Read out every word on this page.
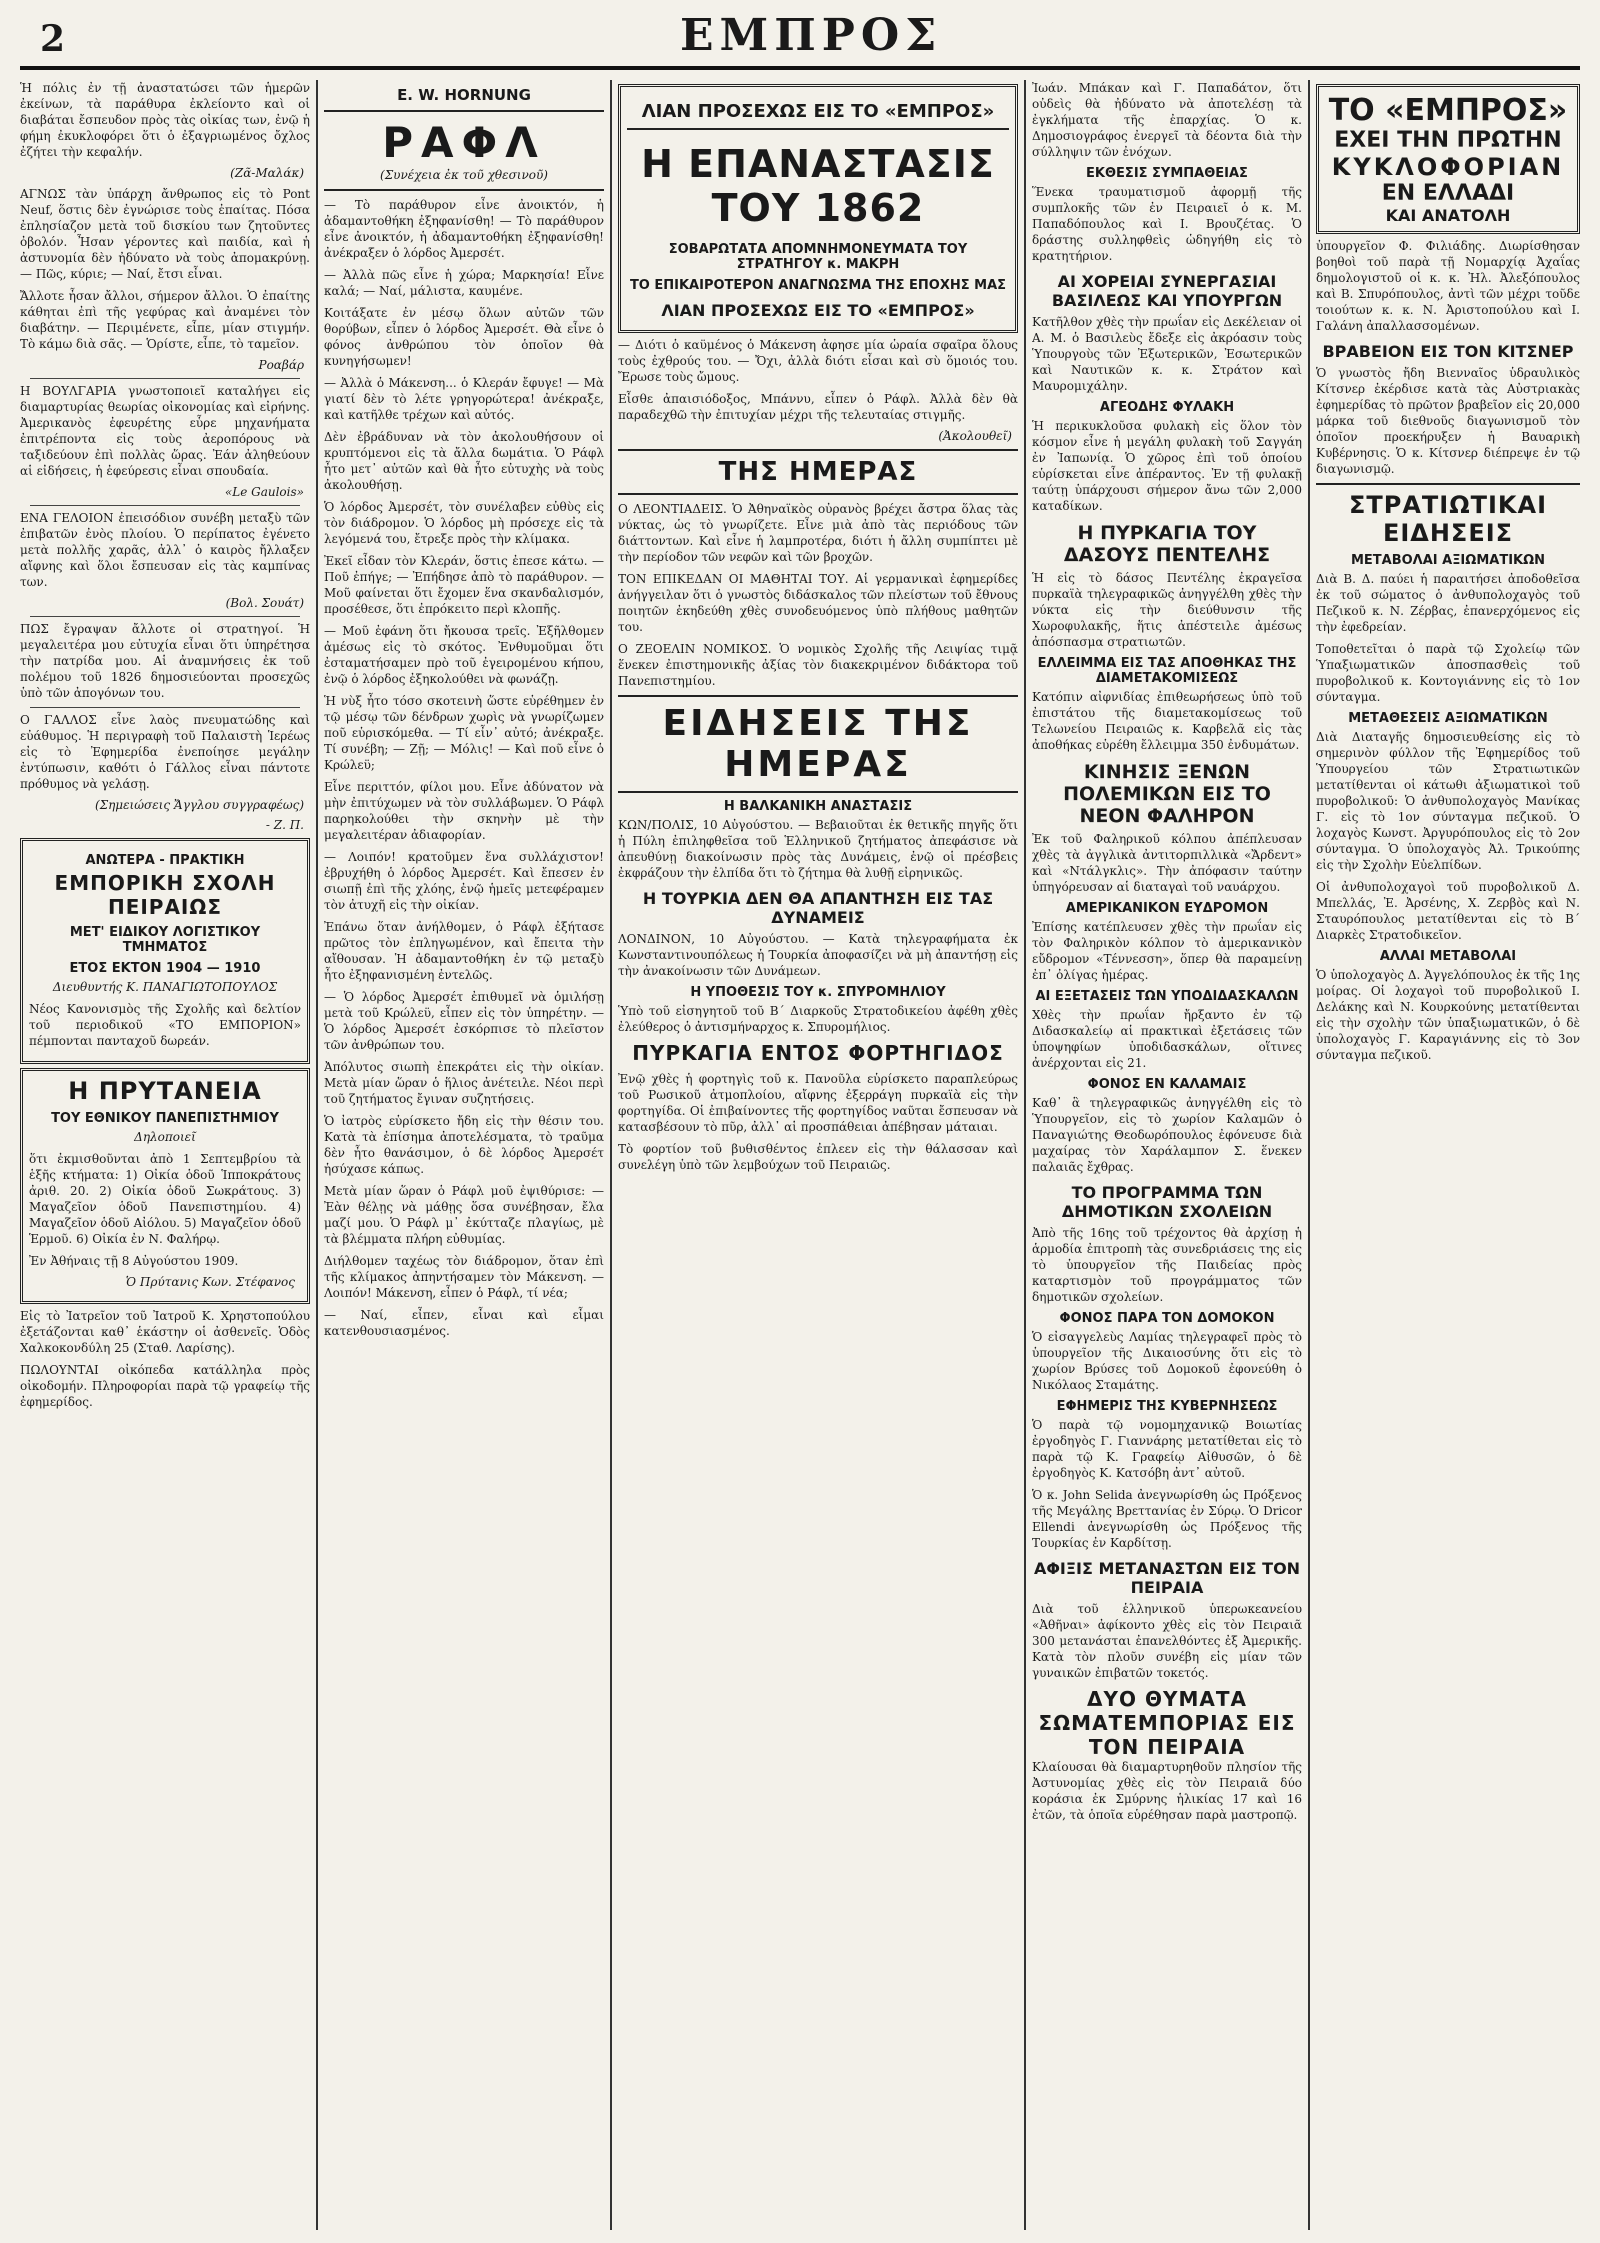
2	ΕΜΠΡΟΣ

Ἡ πόλις ἐν τῇ ἀναστατώσει τῶν ἡμερῶν ἐκείνων, τὰ παράθυρα ἐκλείοντο καὶ οἱ διαβάται ἔσπευδον πρὸς τὰς οἰκίας των, ἐνῷ ἡ φήμη ἐκυκλοφόρει ὅτι ὁ ἐξαγριωμένος ὄχλος ἐζήτει τὴν κεφαλήν.

(Ζᾶ-Μαλάκ)

ΑΓΝΩΣ τὰν ὑπάρχη ἄνθρωπος εἰς τὸ Pont Neuf, ὅστις δὲν ἐγνώρισε τοὺς ἐπαίτας. Πόσα ἐπλησίαζον μετὰ τοῦ δισκίου των ζητοῦντες ὀβολόν. Ἦσαν γέροντες καὶ παιδία, καὶ ἡ ἀστυνομία δὲν ἠδύνατο νὰ τοὺς ἀπομακρύνῃ. — Πῶς, κύριε; — Ναί, ἔτσι εἶναι.

Ἄλλοτε ἦσαν ἄλλοι, σήμερον ἄλλοι. Ὁ ἐπαίτης κάθηται ἐπὶ τῆς γεφύρας καὶ ἀναμένει τὸν διαβάτην. — Περιμένετε, εἶπε, μίαν στιγμήν. Τὸ κάμω διὰ σᾶς. — Ὁρίστε, εἶπε, τὸ ταμεῖον.

Ροαβάρ

Η ΒΟΥΛΓΑΡΙΑ γνωστοποιεῖ καταλήγει εἰς διαμαρτυρίας θεωρίας οἰκονομίας καὶ εἰρήνης. Ἀμερικανὸς ἐφευρέτης εὗρε μηχανήματα ἐπιτρέποντα εἰς τοὺς ἀεροπόρους νὰ ταξιδεύουν ἐπὶ πολλὰς ὥρας. Ἐάν ἀληθεύουν αἱ εἰδήσεις, ἡ ἐφεύρεσις εἶναι σπουδαία.

«Le Gaulois»

ΕΝΑ ΓΕΛΟΙΟΝ ἐπεισόδιον συνέβη μεταξὺ τῶν ἐπιβατῶν ἐνὸς πλοίου. Ὁ περίπατος ἐγένετο μετὰ πολλῆς χαρᾶς, ἀλλ᾽ ὁ καιρὸς ἤλλαξεν αἴφνης καὶ ὅλοι ἔσπευσαν εἰς τὰς καμπίνας των.

(Βολ. Σουάτ)

ΠΩΣ ἔγραψαν ἄλλοτε οἱ στρατηγοί. Ἡ μεγαλειτέρα μου εὐτυχία εἶναι ὅτι ὑπηρέτησα τὴν πατρίδα μου. Αἱ ἀναμνήσεις ἐκ τοῦ πολέμου τοῦ 1826 δημοσιεύονται προσεχῶς ὑπὸ τῶν ἀπογόνων του.

Ο ΓΑΛΛΟΣ εἶνε λαὸς πνευματώδης καὶ εὐάθυμος. Ἡ περιγραφὴ τοῦ Παλαιστὴ Ἱερέως εἰς τὸ Ἐφημερίδα ἐνεποίησε μεγάλην ἐντύπωσιν, καθότι ὁ Γάλλος εἶναι πάντοτε πρόθυμος νὰ γελάσῃ.

(Σημειώσεις Ἄγγλου συγγραφέως)
- Ζ. Π.
ΑΝΩΤΕΡΑ - ΠΡΑΚΤΙΚΗ
ΕΜΠΟΡΙΚΗ ΣΧΟΛΗ ΠΕΙΡΑΙΩΣ
ΜΕΤ' ΕΙΔΙΚΟΥ ΛΟΓΙΣΤΙΚΟΥ ΤΜΗΜΑΤΟΣ
ΕΤΟΣ ΕΚΤΟΝ 1904 — 1910
Διευθυντής Κ. ΠΑΝΑΓΙΩΤΟΠΟΥΛΟΣ

Νέος Κανονισμὸς τῆς Σχολῆς καὶ δελτίον τοῦ περιοδικοῦ «ΤΟ ΕΜΠΟΡΙΟΝ» πέμπονται πανταχοῦ δωρεάν.

Η ΠΡΥΤΑΝΕΙΑ
ΤΟΥ ΕΘΝΙΚΟΥ ΠΑΝΕΠΙΣΤΗΜΙΟΥ
Δηλοποιεῖ

ὅτι ἐκμισθοῦνται ἀπὸ 1 Σεπτεμβρίου τὰ ἑξῆς κτήματα: 1) Οἰκία ὁδοῦ Ἱπποκράτους ἀριθ. 20. 2) Οἰκία ὁδοῦ Σωκράτους. 3) Μαγαζεῖον ὁδοῦ Πανεπιστημίου. 4) Μαγαζεῖον ὁδοῦ Αἰόλου. 5) Μαγαζεῖον ὁδοῦ Ἑρμοῦ. 6) Οἰκία ἐν Ν. Φαλήρῳ.

Ἐν Ἀθήναις τῇ 8 Αὐγούστου 1909.

Ὁ Πρύτανις Κων. Στέφανος

Εἰς τὸ Ἰατρεῖον τοῦ Ἰατροῦ Κ. Χρηστοπούλου ἐξετάζονται καθ᾽ ἑκάστην οἱ ἀσθενεῖς. Ὁδὸς Χαλκοκονδύλη 25 (Σταθ. Λαρίσης).

ΠΩΛΟΥΝΤΑΙ οἰκόπεδα κατάλληλα πρὸς οἰκοδομήν. Πληροφορίαι παρὰ τῷ γραφείῳ τῆς ἐφημερίδος.

E. W. HORNUNG
ΡΑΦΛ
(Συνέχεια ἐκ τοῦ χθεσινοῦ)

— Τὸ παράθυρον εἶνε ἀνοικτόν, ἡ ἀδαμαντοθήκη ἐξηφανίσθη! — Τὸ παράθυρον εἶνε ἀνοικτόν, ἡ ἀδαμαντοθήκη ἐξηφανίσθη! ἀνέκραξεν ὁ λόρδος Ἀμερσέτ.

— Ἀλλὰ πῶς εἶνε ἡ χώρα; Μαρκησία! Εἶνε καλά; — Ναί, μάλιστα, καυμένε.

Κοιτάξατε ἐν μέσῳ ὅλων αὐτῶν τῶν θορύβων, εἶπεν ὁ λόρδος Ἀμερσέτ. Θὰ εἶνε ὁ φόνος ἀνθρώπου τὸν ὁποῖον θὰ κυνηγήσωμεν!

— Ἀλλὰ ὁ Μάκενση... ὁ Κλεράν ἔφυγε! — Μὰ γιατί δὲν τὸ λέτε γρηγορώτερα! ἀνέκραξε, καὶ κατῆλθε τρέχων καὶ αὐτός.

Δὲν ἐβράδυναν νὰ τὸν ἀκολουθήσουν οἱ κρυπτόμενοι εἰς τὰ ἄλλα δωμάτια. Ὁ Ράφλ ἦτο μετ᾽ αὐτῶν καὶ θὰ ἦτο εὐτυχὴς νὰ τοὺς ἀκολουθήσῃ.

Ὁ λόρδος Ἀμερσέτ, τὸν συνέλαβεν εὐθὺς εἰς τὸν διάδρομον. Ὁ λόρδος μὴ πρόσεχε εἰς τὰ λεγόμενά του, ἔτρεξε πρὸς τὴν κλίμακα.

Ἐκεῖ εἶδαν τὸν Κλεράν, ὅστις ἐπεσε κάτω. — Ποῦ ἐπήγε; — Ἐπήδησε ἀπὸ τὸ παράθυρον. — Μοῦ φαίνεται ὅτι ἔχομεν ἕνα σκανδαλισμόν, προσέθεσε, ὅτι ἐπρόκειτο περὶ κλοπῆς.

— Μοῦ ἐφάνη ὅτι ἤκουσα τρεῖς. Ἐξῆλθομεν ἀμέσως εἰς τὸ σκότος. Ἐνθυμοῦμαι ὅτι ἐσταματήσαμεν πρὸ τοῦ ἐγειρομένου κήπου, ἐνῷ ὁ λόρδος ἐξηκολούθει νὰ φωνάζῃ.

Ἡ νὺξ ἦτο τόσο σκοτεινὴ ὥστε εὑρέθημεν ἐν τῷ μέσῳ τῶν δένδρων χωρὶς νὰ γνωρίζωμεν ποῦ εὑρισκόμεθα. — Τί εἶν᾽ αὐτό; ἀνέκραξε. Τί συνέβη; — Ζῇ; — Μόλις! — Καὶ ποῦ εἶνε ὁ Κρώλεϋ;

Εἶνε περιττόν, φίλοι μου. Εἶνε ἀδύνατον νὰ μὴν ἐπιτύχωμεν νὰ τὸν συλλάβωμεν. Ὁ Ράφλ παρηκολούθει τὴν σκηνὴν μὲ τὴν μεγαλειτέραν ἀδιαφορίαν.

— Λοιπόν! κρατοῦμεν ἕνα συλλάχιστον! ἐβρυχήθη ὁ λόρδος Ἀμερσέτ. Καὶ ἔπεσεν ἐν σιωπῇ ἐπὶ τῆς χλόης, ἐνῷ ἡμεῖς μετεφέραμεν τὸν ἀτυχῆ εἰς τὴν οἰκίαν.

Ἐπάνω ὅταν ἀνήλθομεν, ὁ Ράφλ ἐξήτασε πρῶτος τὸν ἐπληγωμένον, καὶ ἔπειτα τὴν αἴθουσαν. Ἡ ἀδαμαντοθήκη ἐν τῷ μεταξὺ ἦτο ἐξηφανισμένη ἐντελῶς.

— Ὁ λόρδος Ἀμερσέτ ἐπιθυμεῖ νὰ ὁμιλήσῃ μετὰ τοῦ Κρώλεϋ, εἶπεν εἰς τὸν ὑπηρέτην. — Ὁ λόρδος Ἀμερσέτ ἐσκόρπισε τὸ πλεῖστον τῶν ἀνθρώπων του.

Ἀπόλυτος σιωπὴ ἐπεκράτει εἰς τὴν οἰκίαν. Μετὰ μίαν ὥραν ὁ ἥλιος ἀνέτειλε. Νέοι περὶ τοῦ ζητήματος ἔγιναν συζητήσεις.

Ὁ ἰατρὸς εὑρίσκετο ἤδη εἰς τὴν θέσιν του. Κατὰ τὰ ἐπίσημα ἀποτελέσματα, τὸ τραῦμα δὲν ἦτο θανάσιμον, ὁ δὲ λόρδος Ἀμερσέτ ἡσύχασε κάπως.

Μετὰ μίαν ὥραν ὁ Ράφλ μοῦ ἐψιθύρισε: — Ἐὰν θέλῃς νὰ μάθῃς ὅσα συνέβησαν, ἔλα μαζί μου. Ὁ Ράφλ μ᾽ ἐκύτταζε πλαγίως, μὲ τὰ βλέμματα πλήρη εὐθυμίας.

Διήλθομεν ταχέως τὸν διάδρομον, ὅταν ἐπὶ τῆς κλίμακος ἀπηντήσαμεν τὸν Μάκενση. — Λοιπόν! Μάκενση, εἶπεν ὁ Ράφλ, τί νέα;

— Ναί, εἶπεν, εἶναι καὶ εἶμαι κατενθουσιασμένος.

ΛΙΑΝ ΠΡΟΣΕΧΩΣ ΕΙΣ ΤΟ «ΕΜΠΡΟΣ»
Η ΕΠΑΝΑΣΤΑΣΙΣ ΤΟΥ 1862
ΣΟΒΑΡΩΤΑΤΑ ΑΠΟΜΝΗΜΟΝΕΥΜΑΤΑ ΤΟΥ ΣΤΡΑΤΗΓΟΥ κ. ΜΑΚΡΗ
ΤΟ ΕΠΙΚΑΙΡΟΤΕΡΟΝ ΑΝΑΓΝΩΣΜΑ ΤΗΣ ΕΠΟΧΗΣ ΜΑΣ
ΛΙΑΝ ΠΡΟΣΕΧΩΣ ΕΙΣ ΤΟ «ΕΜΠΡΟΣ»

— Διότι ὁ καϋμένος ὁ Μάκενση ἀφησε μία ὡραία σφαῖρα ὅλους τοὺς ἐχθρούς του. — Ὄχι, ἀλλὰ διότι εἶσαι καὶ σὺ ὅμοιός του. Ἔρωσε τοὺς ὤμους.

Εἶσθε ἀπαισιόδοξος, Μπάννυ, εἶπεν ὁ Ράφλ. Ἀλλὰ δὲν θὰ παραδεχθῶ τὴν ἐπιτυχίαν μέχρι τῆς τελευταίας στιγμῆς.

(Ἀκολουθεῖ)
ΤΗΣ ΗΜΕΡΑΣ

Ο ΛΕΟΝΤΙΑΔΕΙΣ. Ὁ Ἀθηναϊκὸς οὐρανὸς βρέχει ἄστρα ὅλας τὰς νύκτας, ὡς τὸ γνωρίζετε. Εἶνε μιὰ ἀπὸ τὰς περιόδους τῶν διάττοντων. Καὶ εἶνε ἡ λαμπροτέρα, διότι ἡ ἄλλη συμπίπτει μὲ τὴν περίοδον τῶν νεφῶν καὶ τῶν βροχῶν.

ΤΟΝ ΕΠΙΚΕΔΑΝ ΟΙ ΜΑΘΗΤΑΙ ΤΟΥ. Αἱ γερμανικαὶ ἐφημερίδες ἀνήγγειλαν ὅτι ὁ γνωστὸς διδάσκαλος τῶν πλείστων τοῦ ἔθνους ποιητῶν ἐκηδεύθη χθὲς συνοδευόμενος ὑπὸ πλήθους μαθητῶν του.

Ο ΖΕΟΕΛΙΝ ΝΟΜΙΚΟΣ. Ὁ νομικὸς Σχολῆς τῆς Λειψίας τιμᾷ ἕνεκεν ἐπιστημονικῆς ἀξίας τὸν διακεκριμένον διδάκτορα τοῦ Πανεπιστημίου.

ΕΙΔΗΣΕΙΣ ΤΗΣ ΗΜΕΡΑΣ
Η ΒΑΛΚΑΝΙΚΗ ΑΝΑΣΤΑΣΙΣ

ΚΩΝ/ΠΟΛΙΣ, 10 Αὐγούστου. — Βεβαιοῦται ἐκ θετικῆς πηγῆς ὅτι ἡ Πύλη ἐπιληφθεῖσα τοῦ Ἑλληνικοῦ ζητήματος ἀπεφάσισε νὰ ἀπευθύνῃ διακοίνωσιν πρὸς τὰς Δυνάμεις, ἐνῷ οἱ πρέσβεις ἐκφράζουν τὴν ἐλπίδα ὅτι τὸ ζήτημα θὰ λυθῇ εἰρηνικῶς.

Η ΤΟΥΡΚΙΑ ΔΕΝ ΘΑ ΑΠΑΝΤΗΣΗ ΕΙΣ ΤΑΣ ΔΥΝΑΜΕΙΣ

ΛΟΝΔΙΝΟΝ, 10 Αὐγούστου. — Κατὰ τηλεγραφήματα ἐκ Κωνσταντινουπόλεως ἡ Τουρκία ἀποφασίζει νὰ μὴ ἀπαντήσῃ εἰς τὴν ἀνακοίνωσιν τῶν Δυνάμεων.

Η ΥΠΟΘΕΣΙΣ ΤΟΥ κ. ΣΠΥΡΟΜΗΛΙΟΥ

Ὑπὸ τοῦ εἰσηγητοῦ τοῦ Β΄ Διαρκοῦς Στρατοδικείου ἀφέθη χθὲς ἐλεύθερος ὁ ἀντισμήναρχος κ. Σπυρομήλιος.

ΠΥΡΚΑΓΙΑ ΕΝΤΟΣ ΦΟΡΤΗΓΙΔΟΣ

Ἐνῷ χθὲς ἡ φορτηγὶς τοῦ κ. Πανοῦλα εὑρίσκετο παραπλεύρως τοῦ Ρωσικοῦ ἀτμοπλοίου, αἴφνης ἐξερράγη πυρκαϊὰ εἰς τὴν φορτηγίδα. Οἱ ἐπιβαίνοντες τῆς φορτηγίδος ναῦται ἔσπευσαν νὰ κατασβέσουν τὸ πῦρ, ἀλλ᾽ αἱ προσπάθειαι ἀπέβησαν μάταιαι.

Τὸ φορτίον τοῦ βυθισθέντος ἐπλεεν εἰς τὴν θάλασσαν καὶ συνελέγη ὑπὸ τῶν λεμβούχων τοῦ Πειραιῶς.

Ἰωάν. Μπάκαν καὶ Γ. Παπαδάτον, ὅτι οὐδεὶς θὰ ἠδύνατο νὰ ἀποτελέσῃ τὰ ἐγκλήματα τῆς ἐπαρχίας. Ὁ κ. Δημοσιογράφος ἐνεργεῖ τὰ δέοντα διὰ τὴν σύλληψιν τῶν ἐνόχων.

ΕΚΘΕΣΙΣ ΣΥΜΠΑΘΕΙΑΣ

Ἕνεκα τραυματισμοῦ ἀφορμῇ τῆς συμπλοκῆς τῶν ἐν Πειραιεῖ ὁ κ. Μ. Παπαδόπουλος καὶ Ι. Βρουζέτας. Ὁ δράστης συλληφθεὶς ὡδηγήθη εἰς τὸ κρατητήριον.

ΑΙ ΧΟΡΕΙΑΙ ΣΥΝΕΡΓΑΣΙΑΙ ΒΑΣΙΛΕΩΣ ΚΑΙ ΥΠΟΥΡΓΩΝ

Κατῆλθον χθὲς τὴν πρωΐαν εἰς Δεκέλειαν οἱ Α. Μ. ὁ Βασιλεὺς ἔδεξε εἰς ἀκρόασιν τοὺς Ὑπουργοὺς τῶν Ἐξωτερικῶν, Ἐσωτερικῶν καὶ Ναυτικῶν κ. κ. Στράτον καὶ Μαυρομιχάλην.

ΑΓΕΟΔΗΣ ΦΥΛΑΚΗ

Ἡ περικυκλοῦσα φυλακὴ εἰς ὅλον τὸν κόσμον εἶνε ἡ μεγάλη φυλακὴ τοῦ Σαγγάη ἐν Ἰαπωνίᾳ. Ὁ χῶρος ἐπὶ τοῦ ὁποίου εὑρίσκεται εἶνε ἀπέραντος. Ἐν τῇ φυλακῇ ταύτῃ ὑπάρχουσι σήμερον ἄνω τῶν 2,000 καταδίκων.

Η ΠΥΡΚΑΓΙΑ ΤΟΥ ΔΑΣΟΥΣ ΠΕΝΤΕΛΗΣ

Ἡ εἰς τὸ δάσος Πεντέλης ἐκραγεῖσα πυρκαϊὰ τηλεγραφικῶς ἀνηγγέλθη χθὲς τὴν νύκτα εἰς τὴν διεύθυνσιν τῆς Χωροφυλακῆς, ἥτις ἀπέστειλε ἀμέσως ἀπόσπασμα στρατιωτῶν.

ΕΛΛΕΙΜΜΑ ΕΙΣ ΤΑΣ ΑΠΟΘΗΚΑΣ ΤΗΣ ΔΙΑΜΕΤΑΚΟΜΙΣΕΩΣ

Κατόπιν αἰφνιδίας ἐπιθεωρήσεως ὑπὸ τοῦ ἐπιστάτου τῆς διαμετακομίσεως τοῦ Τελωνείου Πειραιῶς κ. Καρβελᾶ εἰς τὰς ἀποθήκας εὑρέθη ἔλλειμμα 350 ἐνδυμάτων.

ΚΙΝΗΣΙΣ ΞΕΝΩΝ ΠΟΛΕΜΙΚΩΝ ΕΙΣ ΤΟ ΝΕΟΝ ΦΑΛΗΡΟΝ

Ἐκ τοῦ Φαληρικοῦ κόλπου ἀπέπλευσαν χθὲς τὰ ἀγγλικὰ ἀντιτορπιλλικὰ «Ἄρδεντ» καὶ «Ντάλγκλις». Τὴν ἀπόφασιν ταύτην ὑπηγόρευσαν αἱ διαταγαὶ τοῦ ναυάρχου.

ΑΜΕΡΙΚΑΝΙΚΟΝ ΕΥΔΡΟΜΟΝ

Ἐπίσης κατέπλευσεν χθὲς τὴν πρωΐαν εἰς τὸν Φαληρικὸν κόλπον τὸ ἀμερικανικὸν εὔδρομον «Τέννεσση», ὅπερ θὰ παραμείνῃ ἐπ᾽ ὀλίγας ἡμέρας.

ΑΙ ΕΞΕΤΑΣΕΙΣ ΤΩΝ ΥΠΟΔΙΔΑΣΚΑΛΩΝ

Χθὲς τὴν πρωΐαν ἤρξαντο ἐν τῷ Διδασκαλείῳ αἱ πρακτικαὶ ἐξετάσεις τῶν ὑποψηφίων ὑποδιδασκάλων, οἵτινες ἀνέρχονται εἰς 21.

ΦΟΝΟΣ ΕΝ ΚΑΛΑΜΑΙΣ

Καθ᾽ ἃ τηλεγραφικῶς ἀνηγγέλθη εἰς τὸ Ὑπουργεῖον, εἰς τὸ χωρίον Καλαμῶν ὁ Παναγιώτης Θεοδωρόπουλος ἐφόνευσε διὰ μαχαίρας τὸν Χαράλαμπον Σ. ἕνεκεν παλαιᾶς ἔχθρας.

ΤΟ ΠΡΟΓΡΑΜΜΑ ΤΩΝ ΔΗΜΟΤΙΚΩΝ ΣΧΟΛΕΙΩΝ

Ἀπὸ τῆς 16ης τοῦ τρέχοντος θὰ ἀρχίσῃ ἡ ἁρμοδία ἐπιτροπὴ τὰς συνεδριάσεις της εἰς τὸ ὑπουργεῖον τῆς Παιδείας πρὸς καταρτισμὸν τοῦ προγράμματος τῶν δημοτικῶν σχολείων.

ΦΟΝΟΣ ΠΑΡΑ ΤΟΝ ΔΟΜΟΚΟΝ

Ὁ εἰσαγγελεὺς Λαμίας τηλεγραφεῖ πρὸς τὸ ὑπουργεῖον τῆς Δικαιοσύνης ὅτι εἰς τὸ χωρίον Βρύσες τοῦ Δομοκοῦ ἐφονεύθη ὁ Νικόλαος Σταμάτης.

ΕΦΗΜΕΡΙΣ ΤΗΣ ΚΥΒΕΡΝΗΣΕΩΣ

Ὁ παρὰ τῷ νομομηχανικῷ Βοιωτίας ἐργοδηγὸς Γ. Γιαννάρης μετατίθεται εἰς τὸ παρὰ τῷ Κ. Γραφείῳ Αἰθυσῶν, ὁ δὲ ἐργοδηγὸς Κ. Κατσόβη ἀντ᾽ αὐτοῦ.

Ὁ κ. John Selida ἀνεγνωρίσθη ὡς Πρόξενος τῆς Μεγάλης Βρεττανίας ἐν Σύρῳ. Ὁ Dricor Ellendi ἀνεγνωρίσθη ὡς Πρόξενος τῆς Τουρκίας ἐν Καρδίτσῃ.

ΑΦΙΞΙΣ ΜΕΤΑΝΑΣΤΩΝ ΕΙΣ ΤΟΝ ΠΕΙΡΑΙΑ

Διὰ τοῦ ἑλληνικοῦ ὑπερωκεανείου «Ἀθῆναι» ἀφίκοντο χθὲς εἰς τὸν Πειραιᾶ 300 μετανάσται ἐπανελθόντες ἐξ Ἀμερικῆς. Κατὰ τὸν πλοῦν συνέβη εἰς μίαν τῶν γυναικῶν ἐπιβατῶν τοκετός.

ΔΥΟ ΘΥΜΑΤΑ ΣΩΜΑΤΕΜΠΟΡΙΑΣ ΕΙΣ ΤΟΝ ΠΕΙΡΑΙΑ

Κλαίουσαι θὰ διαμαρτυρηθοῦν πλησίον τῆς Ἀστυνομίας χθὲς εἰς τὸν Πειραιᾶ δύο κοράσια ἐκ Σμύρνης ἡλικίας 17 καὶ 16 ἐτῶν, τὰ ὁποῖα εὑρέθησαν παρὰ μαστροπῷ.

ΤΟ «ΕΜΠΡΟΣ»
ΕΧΕΙ ΤΗΝ ΠΡΩΤΗΝ
ΚΥΚΛΟΦΟΡΙΑΝ
ΕΝ ΕΛΛΑΔΙ
ΚΑΙ ΑΝΑΤΟΛΗ

ὑπουργεῖον Φ. Φιλιάδης. Διωρίσθησαν βοηθοὶ τοῦ παρὰ τῇ Νομαρχίᾳ Ἀχαΐας δημολογιστοῦ οἱ κ. κ. Ἠλ. Ἀλεξόπουλος καὶ Β. Σπυρόπουλος, ἀντὶ τῶν μέχρι τοῦδε τοιούτων κ. κ. Ν. Ἀριστοπούλου καὶ Ι. Γαλάνη ἀπαλλασσομένων.

ΒΡΑΒΕΙΟΝ ΕΙΣ ΤΟΝ ΚΙΤΣΝΕΡ

Ὁ γνωστὸς ἤδη Βιενναῖος ὑδραυλικὸς Κίτσνερ ἐκέρδισε κατὰ τὰς Αὐστριακὰς ἐφημερίδας τὸ πρῶτον βραβεῖον εἰς 20,000 μάρκα τοῦ διεθνοῦς διαγωνισμοῦ τὸν ὁποῖον προεκήρυξεν ἡ Βαυαρικὴ Κυβέρνησις. Ὁ κ. Κίτσνερ διέπρεψε ἐν τῷ διαγωνισμῷ.

ΣΤΡΑΤΙΩΤΙΚΑΙ ΕΙΔΗΣΕΙΣ
ΜΕΤΑΒΟΛΑΙ ΑΞΙΩΜΑΤΙΚΩΝ

Διὰ Β. Δ. παύει ἡ παραιτήσει ἀποδοθεῖσα ἐκ τοῦ σώματος ὁ ἀνθυπολοχαγὸς τοῦ Πεζικοῦ κ. Ν. Ζέρβας, ἐπανερχόμενος εἰς τὴν ἐφεδρείαν.

Τοποθετεῖται ὁ παρὰ τῷ Σχολείῳ τῶν Ὑπαξιωματικῶν ἀποσπασθεὶς τοῦ πυροβολικοῦ κ. Κοντογιάννης εἰς τὸ 1ον σύνταγμα.

ΜΕΤΑΘΕΣΕΙΣ ΑΞΙΩΜΑΤΙΚΩΝ

Διὰ Διαταγῆς δημοσιευθείσης εἰς τὸ σημερινὸν φύλλον τῆς Ἐφημερίδος τοῦ Ὑπουργείου τῶν Στρατιωτικῶν μετατίθενται οἱ κάτωθι ἀξιωματικοὶ τοῦ πυροβολικοῦ: Ὁ ἀνθυπολοχαγὸς Μανίκας Γ. εἰς τὸ 1ον σύνταγμα πεζικοῦ. Ὁ λοχαγὸς Κωνστ. Ἀργυρόπουλος εἰς τὸ 2ον σύνταγμα. Ὁ ὑπολοχαγὸς Ἀλ. Τρικούπης εἰς τὴν Σχολὴν Εὐελπίδων.

Οἱ ἀνθυπολοχαγοὶ τοῦ πυροβολικοῦ Δ. Μπελλάς, Ἐ. Ἀρσένης, Χ. Ζερβὸς καὶ Ν. Σταυρόπουλος μετατίθενται εἰς τὸ Β΄ Διαρκὲς Στρατοδικεῖον.

ΑΛΛΑΙ ΜΕΤΑΒΟΛΑΙ

Ὁ ὑπολοχαγὸς Δ. Ἀγγελόπουλος ἐκ τῆς 1ης μοίρας. Οἱ λοχαγοὶ τοῦ πυροβολικοῦ Ι. Δελάκης καὶ Ν. Κουρκούνης μετατίθενται εἰς τὴν σχολὴν τῶν ὑπαξιωματικῶν, ὁ δὲ ὑπολοχαγὸς Γ. Καραγιάννης εἰς τὸ 3ον σύνταγμα πεζικοῦ.
